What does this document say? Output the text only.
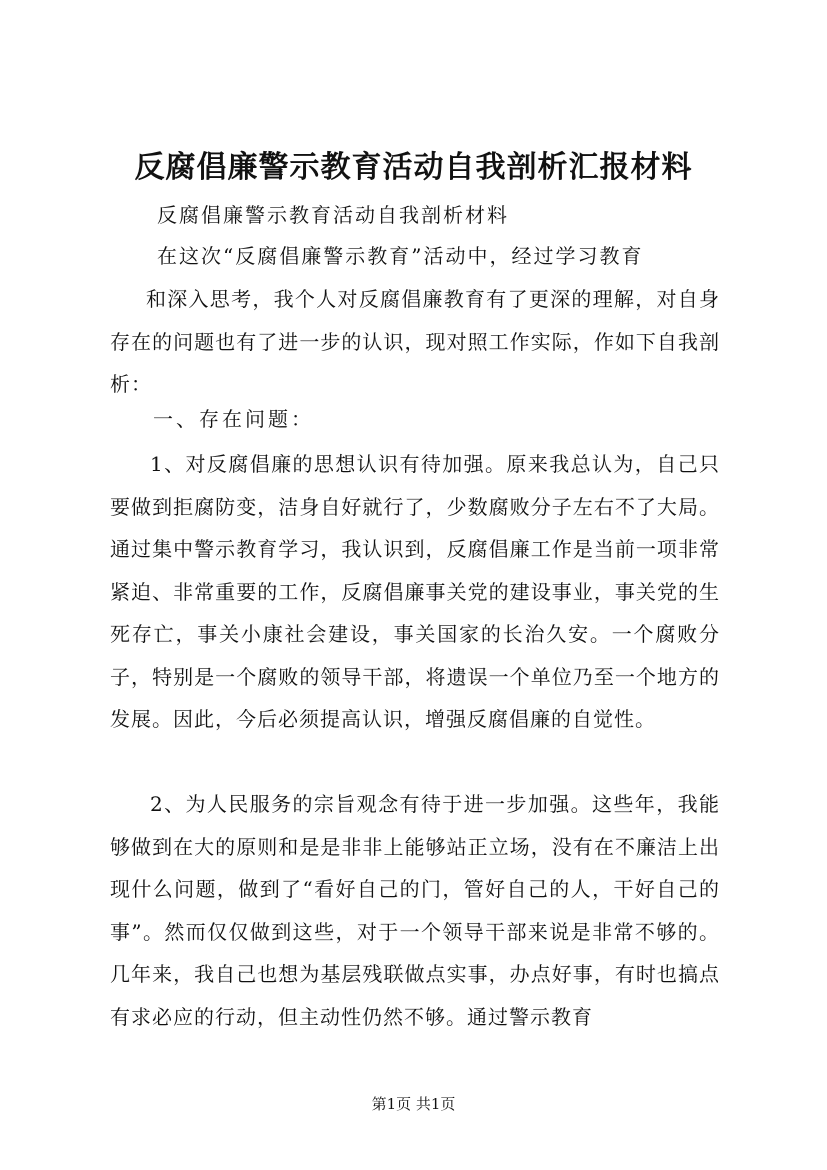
反腐倡廉警示教育活动自我剖析汇报材料
反腐倡廉警示教育活动自我剖析材料
在这次“反腐倡廉警示教育”活动中，经过学习教育
和深入思考，我个人对反腐倡廉教育有了更深的理解，对自身存在的问题也有了进一步的认识，现对照工作实际，作如下自我剖析：
一、存在问题：
1、对反腐倡廉的思想认识有待加强。原来我总认为，自己只要做到拒腐防变，洁身自好就行了，少数腐败分子左右不了大局。通过集中警示教育学习，我认识到，反腐倡廉工作是当前一项非常紧迫、非常重要的工作，反腐倡廉事关党的建设事业，事关党的生死存亡，事关小康社会建设，事关国家的长治久安。一个腐败分子，特别是一个腐败的领导干部，将遗误一个单位乃至一个地方的发展。因此，今后必须提高认识，增强反腐倡廉的自觉性。
2、为人民服务的宗旨观念有待于进一步加强。这些年，我能够做到在大的原则和是是非非上能够站正立场，没有在不廉洁上出现什么问题，做到了“看好自己的门，管好自己的人，干好自己的事”。然而仅仅做到这些，对于一个领导干部来说是非常不够的。几年来，我自己也想为基层残联做点实事，办点好事，有时也搞点有求必应的行动，但主动性仍然不够。通过警示教育
第1页 共1页
